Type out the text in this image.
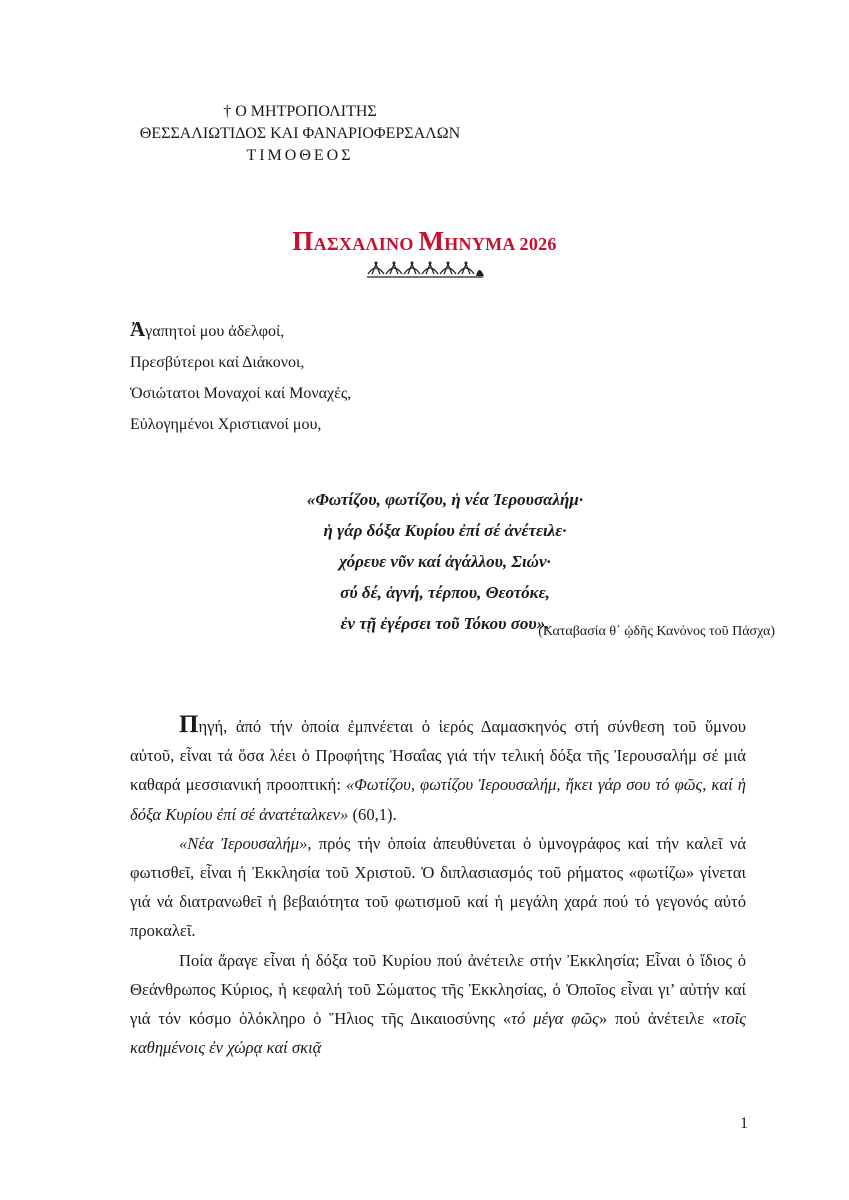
† Ο ΜΗΤΡΟΠΟΛΙΤΗΣ
ΘΕΣΣΑΛΙΩΤΙΔΟΣ ΚΑΙ ΦΑΝΑΡΙΟΦΕΡΣΑΛΩΝ
ΤΙΜΟΘΕΟΣ
ΠΑΣΧΑΛΙΝΟ ΜΗΝΥΜΑ 2026
Ἀγαπητοί μου ἀδελφοί,
Πρεσβύτεροι καί Διάκονοι,
Ὁσιώτατοι Μοναχοί καί Μοναχές,
Εὐλογημένοι Χριστιανοί μου,
«Φωτίζου, φωτίζου, ἡ νέα Ἰερουσαλήμ·
ἡ γάρ δόξα Κυρίου ἐπί σέ ἀνέτειλε·
χόρευε νῦν καί ἀγάλλου, Σιών·
σύ δέ, ἁγνή, τέρπου, Θεοτόκε,
ἐν τῇ ἐγέρσει τοῦ Τόκου σου».
(Καταβασία θ΄ ᾠδῆς Κανόνος τοῦ Πάσχα)

Πηγή, ἀπό τήν ὁποία ἐμπνέεται ὁ ἱερός Δαμασκηνός στή σύνθεση τοῦ ὕμνου αὐτοῦ, εἶναι τά ὅσα λέει ὁ Προφήτης Ἠσαΐας γιά τήν τελική δόξα τῆς Ἰερουσαλήμ σέ μιά καθαρά μεσσιανική προοπτική: «Φωτίζου, φωτίζου Ἰερουσαλήμ, ἥκει γάρ σου τό φῶς, καί ἡ δόξα Κυρίου ἐπί σέ ἀνατέταλκεν» (60,1).

«Νέα Ἰερουσαλήμ», πρός τήν ὁποία ἀπευθύνεται ὁ ὑμνογράφος καί τήν καλεῖ νά φωτισθεῖ, εἶναι ἡ Ἐκκλησία τοῦ Χριστοῦ. Ὁ διπλασιασμός τοῦ ρήματος «φωτίζω» γίνεται γιά νά διατρανωθεῖ ἡ βεβαιότητα τοῦ φωτισμοῦ καί ἡ μεγάλη χαρά πού τό γεγονός αὐτό προκαλεῖ.

Ποία ἄραγε εἶναι ἡ δόξα τοῦ Κυρίου πού ἀνέτειλε στήν Ἐκκλησία; Εἶναι ὁ ἴδιος ὁ Θεάνθρωπος Κύριος, ἡ κεφαλή τοῦ Σώματος τῆς Ἐκκλησίας, ὁ Ὁποῖος εἶναι γι’ αὐτήν καί γιά τόν κόσμο ὁλόκληρο ὁ Ἥλιος τῆς Δικαιοσύνης «τό μέγα φῶς» πού ἀνέτειλε «τοῖς καθημένοις ἐν χώρᾳ καί σκιᾷ

1
